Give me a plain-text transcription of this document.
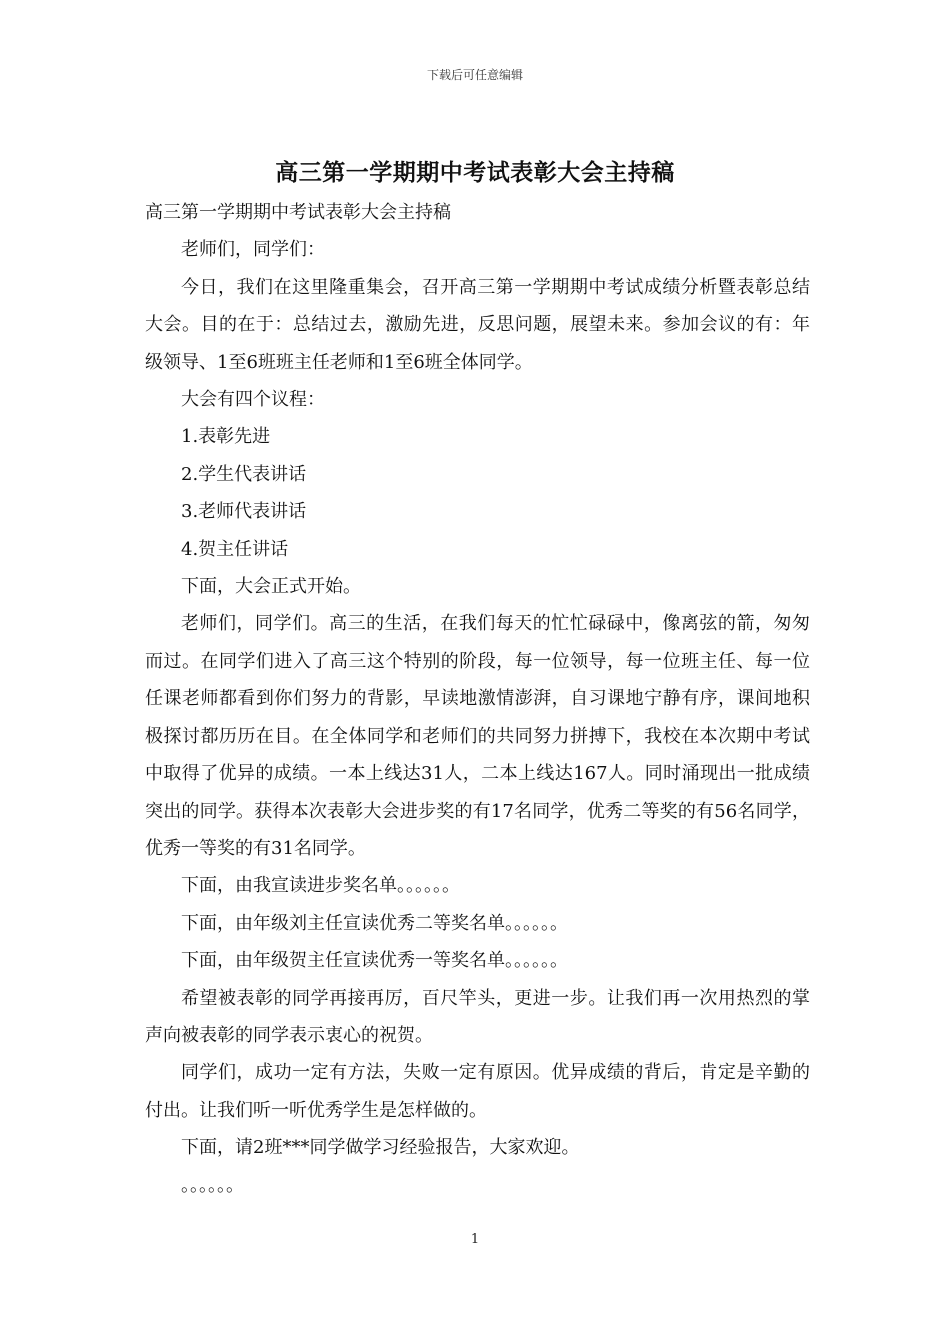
下载后可任意编辑
高三第一学期期中考试表彰大会主持稿

高三第一学期期中考试表彰大会主持稿

老师们，同学们：

今日，我们在这里隆重集会，召开高三第一学期期中考试成绩分析暨表彰总结大会。目的在于：总结过去，激励先进，反思问题，展望未来。参加会议的有：年级领导、1至6班班主任老师和1至6班全体同学。

大会有四个议程：

1.表彰先进

2.学生代表讲话

3.老师代表讲话

4.贺主任讲话

下面，大会正式开始。

老师们，同学们。高三的生活，在我们每天的忙忙碌碌中，像离弦的箭，匆匆而过。在同学们进入了高三这个特别的阶段，每一位领导，每一位班主任、每一位任课老师都看到你们努力的背影，早读地激情澎湃，自习课地宁静有序，课间地积极探讨都历历在目。在全体同学和老师们的共同努力拼搏下，我校在本次期中考试中取得了优异的成绩。一本上线达31人，二本上线达167人。同时涌现出一批成绩突出的同学。获得本次表彰大会进步奖的有17名同学，优秀二等奖的有56名同学，优秀一等奖的有31名同学。

下面，由我宣读进步奖名单。。。。。。

下面，由年级刘主任宣读优秀二等奖名单。。。。。。

下面，由年级贺主任宣读优秀一等奖名单。。。。。。

希望被表彰的同学再接再厉，百尺竿头，更进一步。让我们再一次用热烈的掌声向被表彰的同学表示衷心的祝贺。

同学们，成功一定有方法，失败一定有原因。优异成绩的背后，肯定是辛勤的付出。让我们听一听优秀学生是怎样做的。

下面，请2班***同学做学习经验报告，大家欢迎。

。。。。。。

1
